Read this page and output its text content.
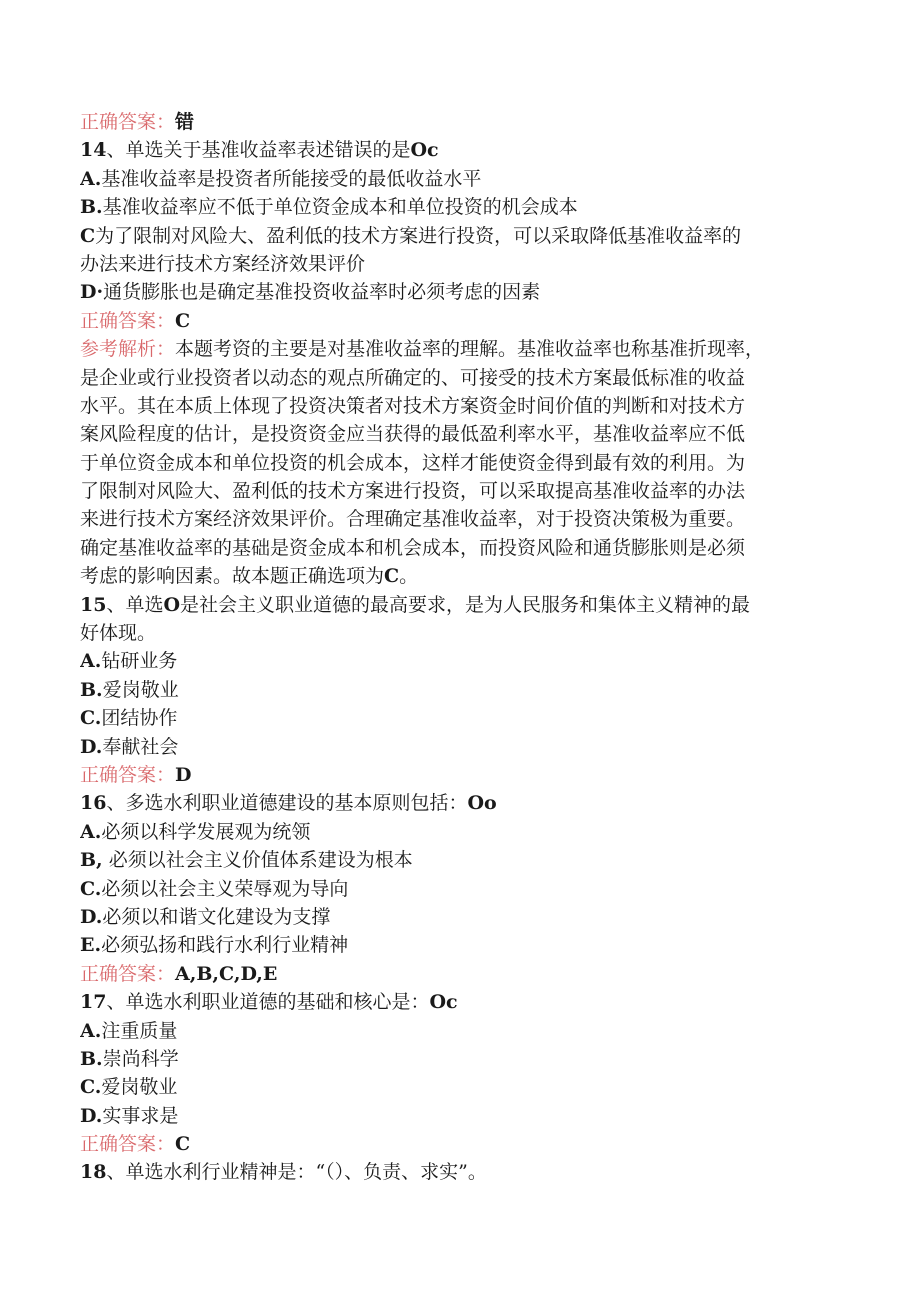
正确答案：错
14、单选关于基准收益率表述错误的是Oc
A.基准收益率是投资者所能接受的最低收益水平
B.基准收益率应不低于单位资金成本和单位投资的机会成本
C为了限制对风险大、盈利低的技术方案进行投资，可以采取降低基准收益率的
办法来进行技术方案经济效果评价
D·通货膨胀也是确定基准投资收益率时必须考虑的因素
正确答案：C
参考解析：本题考资的主要是对基准收益率的理解。基准收益率也称基准折现率，
是企业或行业投资者以动态的观点所确定的、可接受的技术方案最低标准的收益
水平。其在本质上体现了投资决策者对技术方案资金时间价值的判断和对技术方
案风险程度的估计，是投资资金应当获得的最低盈利率水平，基准收益率应不低
于单位资金成本和单位投资的机会成本，这样才能使资金得到最有效的利用。为
了限制对风险大、盈利低的技术方案进行投资，可以采取提高基准收益率的办法
来进行技术方案经济效果评价。合理确定基准收益率，对于投资决策极为重要。
确定基准收益率的基础是资金成本和机会成本，而投资风险和通货膨胀则是必须
考虑的影响因素。故本题正确选项为C。
15、单选O是社会主义职业道德的最高要求，是为人民服务和集体主义精神的最
好体现。
A.钻研业务
B.爱岗敬业
C.团结协作
D.奉献社会
正确答案：D
16、多选水利职业道德建设的基本原则包括：Oo
A.必须以科学发展观为统领
B, 必须以社会主义价值体系建设为根本
C.必须以社会主义荣辱观为导向
D.必须以和谐文化建设为支撑
E.必须弘扬和践行水利行业精神
正确答案：A,B,C,D,E
17、单选水利职业道德的基础和核心是：Oc
A.注重质量
B.崇尚科学
C.爱岗敬业
D.实事求是
正确答案：C
18、单选水利行业精神是：“（）、负责、求实”。
